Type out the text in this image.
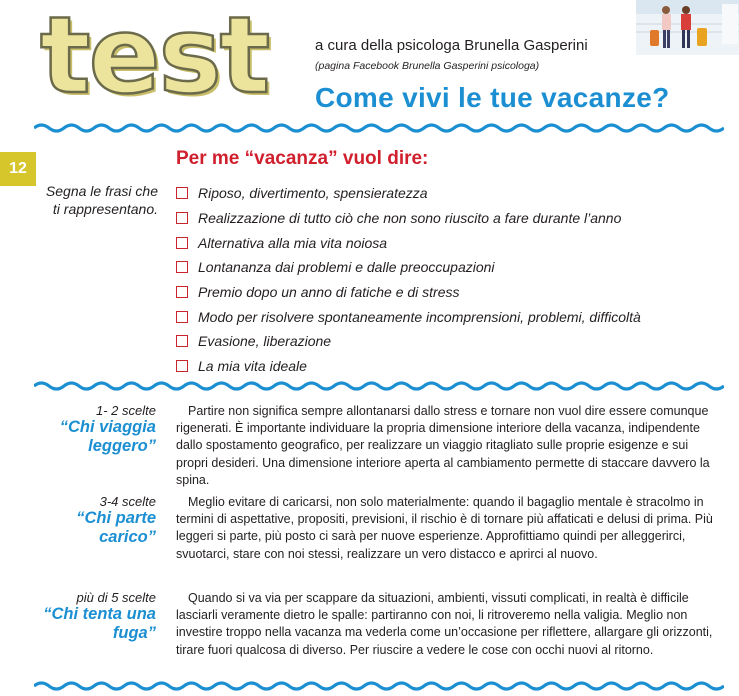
test	a cura della psicologa Brunella Gasperini
(pagina Facebook Brunella Gasperini psicologa)
Come vivi le tue vacanze?
12	Per me “vacanza” vuol dire:
Segna le frasi che ti rappresentano.
Riposo, divertimento, spensieratezza
Realizzazione di tutto ciò che non sono riuscito a fare durante l’anno
Alternativa alla mia vita noiosa
Lontananza dai problemi e dalle preoccupazioni
Premio dopo un anno di fatiche e di stress
Modo per risolvere spontaneamente incomprensioni, problemi, difficoltà
Evasione, liberazione
La mia vita ideale
1- 2 scelte
“Chi viaggia leggero”

Partire non significa sempre allontanarsi dallo stress e tornare non vuol dire essere comunque rigenerati. È importante individuare la propria dimensione interiore della vacanza, indipendente dallo spostamento geografico, per realizzare un viaggio ritagliato sulle proprie esigenze e sui propri desideri. Una dimensione interiore aperta al cambiamento permette di staccare davvero la spina.

3-4 scelte
“Chi parte carico”

Meglio evitare di caricarsi, non solo materialmente: quando il bagaglio mentale è stracolmo in termini di aspettative, propositi, previsioni, il rischio è di tornare più affaticati e delusi di prima. Più leggeri si parte, più posto ci sarà per nuove esperienze. Approfittiamo quindi per alleggerirci, svuotarci, stare con noi stessi, realizzare un vero distacco e aprirci al nuovo.

più di 5 scelte
“Chi tenta una fuga”

Quando si va via per scappare da situazioni, ambienti, vissuti complicati, in realtà è difficile lasciarli veramente dietro le spalle: partiranno con noi, li ritroveremo nella valigia. Meglio non investire troppo nella vacanza ma vederla come un’occasione per riflettere, allargare gli orizzonti, tirare fuori qualcosa di diverso. Per riuscire a vedere le cose con occhi nuovi al ritorno.
